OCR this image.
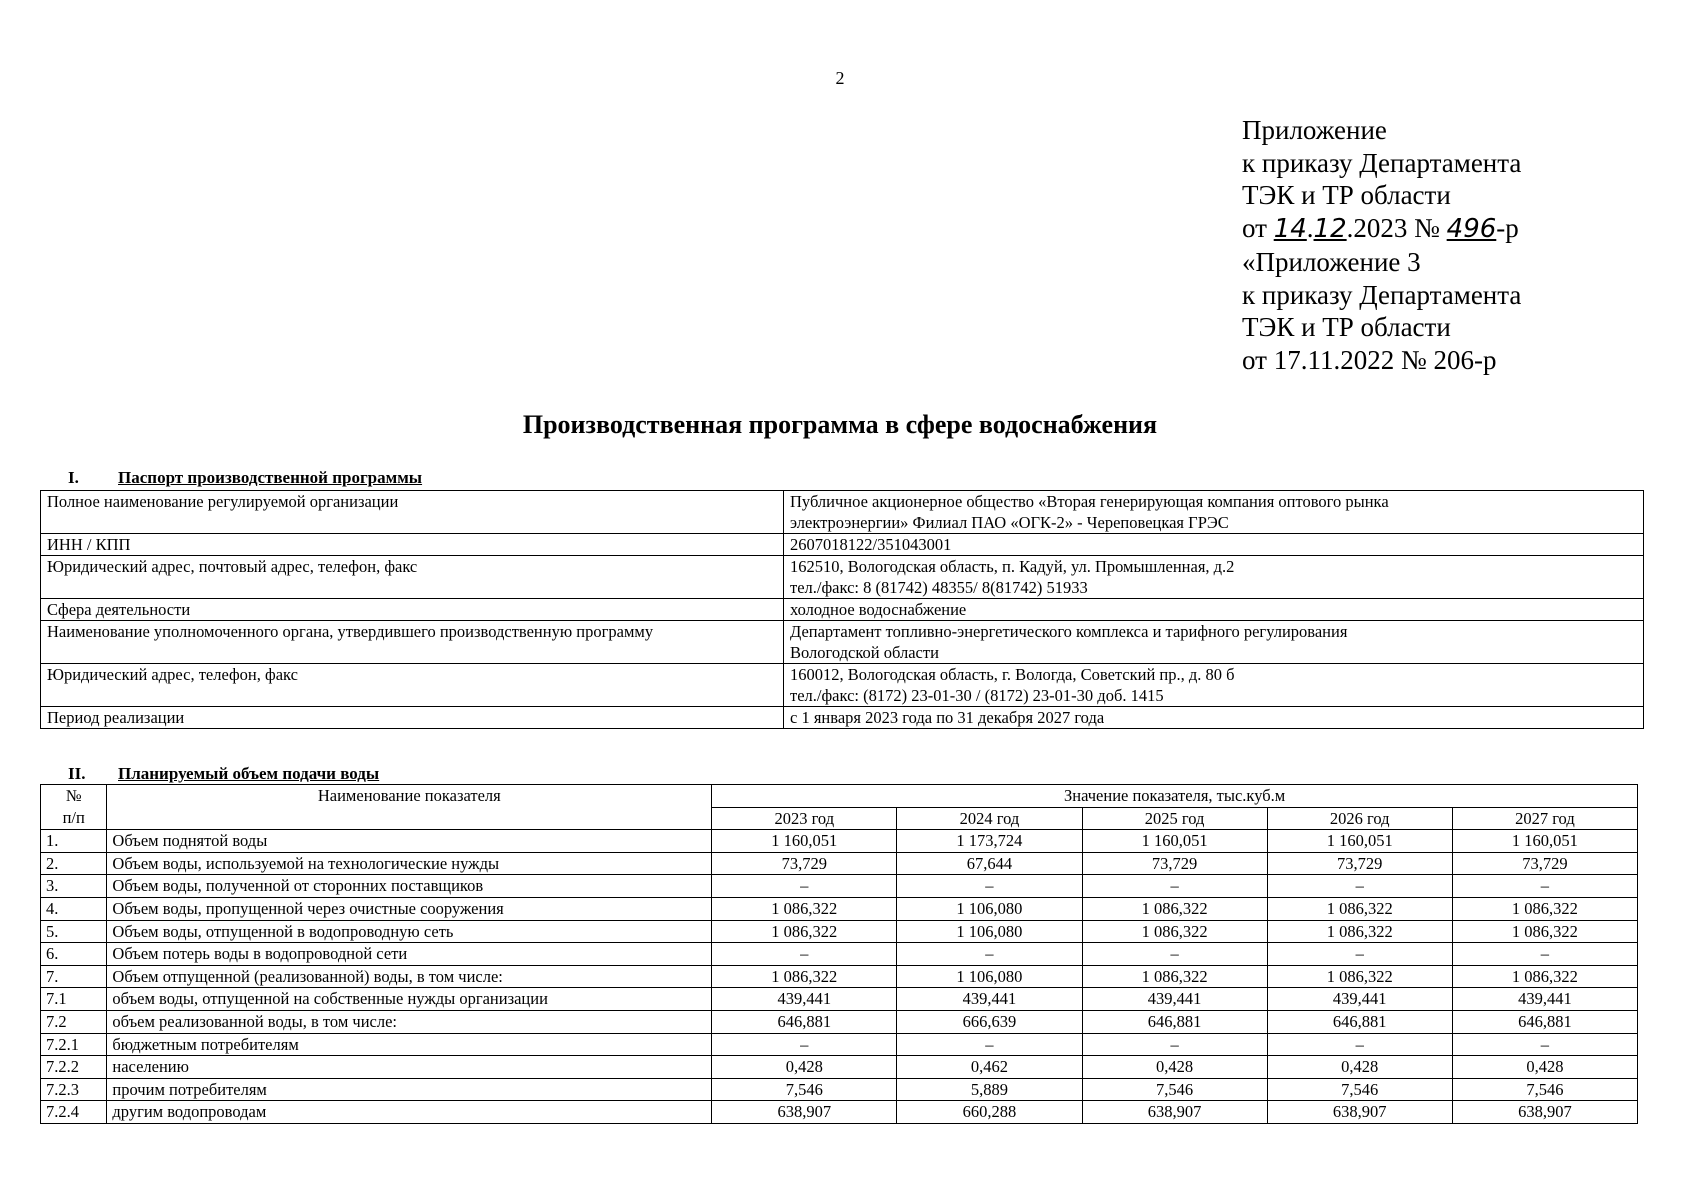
2
Приложение
к приказу Департамента
ТЭК и ТР области
от 14.12.2023 № 496-р
«Приложение 3
к приказу Департамента
ТЭК и ТР области
от 17.11.2022 № 206-р
Производственная программа в сфере водоснабжения
I. Паспорт производственной программы
Полное наименование регулируемой организации	Публичное акционерное общество «Вторая генерирующая компания оптового рынка
электроэнергии» Филиал ПАО «ОГК-2» - Череповецкая ГРЭС
ИНН / КПП	2607018122/351043001
Юридический адрес, почтовый адрес, телефон, факс	162510, Вологодская область, п. Кадуй, ул. Промышленная, д.2
тел./факс: 8 (81742) 48355/ 8(81742) 51933
Сфера деятельности	холодное водоснабжение
Наименование уполномоченного органа, утвердившего производственную программу	Департамент топливно-энергетического комплекса и тарифного регулирования
Вологодской области
Юридический адрес, телефон, факс	160012, Вологодская область, г. Вологда, Советский пр., д. 80 б
тел./факс: (8172) 23-01-30 / (8172) 23-01-30 доб. 1415
Период реализации	с 1 января 2023 года по 31 декабря 2027 года
II. Планируемый объем подачи воды
№
п/п	Наименование показателя	Значение показателя, тыс.куб.м				
		2023 год	2024 год	2025 год	2026 год	2027 год
1.	Объем поднятой воды	1 160,051	1 173,724	1 160,051	1 160,051	1 160,051
2.	Объем воды, используемой на технологические нужды	73,729	67,644	73,729	73,729	73,729
3.	Объем воды, полученной от сторонних поставщиков	–	–	–	–	–
4.	Объем воды, пропущенной через очистные сооружения	1 086,322	1 106,080	1 086,322	1 086,322	1 086,322
5.	Объем воды, отпущенной в водопроводную сеть	1 086,322	1 106,080	1 086,322	1 086,322	1 086,322
6.	Объем потерь воды в водопроводной сети	–	–	–	–	–
7.	Объем отпущенной (реализованной) воды, в том числе:	1 086,322	1 106,080	1 086,322	1 086,322	1 086,322
7.1	объем воды, отпущенной на собственные нужды организации	439,441	439,441	439,441	439,441	439,441
7.2	объем реализованной воды, в том числе:	646,881	666,639	646,881	646,881	646,881
7.2.1	бюджетным потребителям	–	–	–	–	–
7.2.2	населению	0,428	0,462	0,428	0,428	0,428
7.2.3	прочим потребителям	7,546	5,889	7,546	7,546	7,546
7.2.4	другим водопроводам	638,907	660,288	638,907	638,907	638,907
